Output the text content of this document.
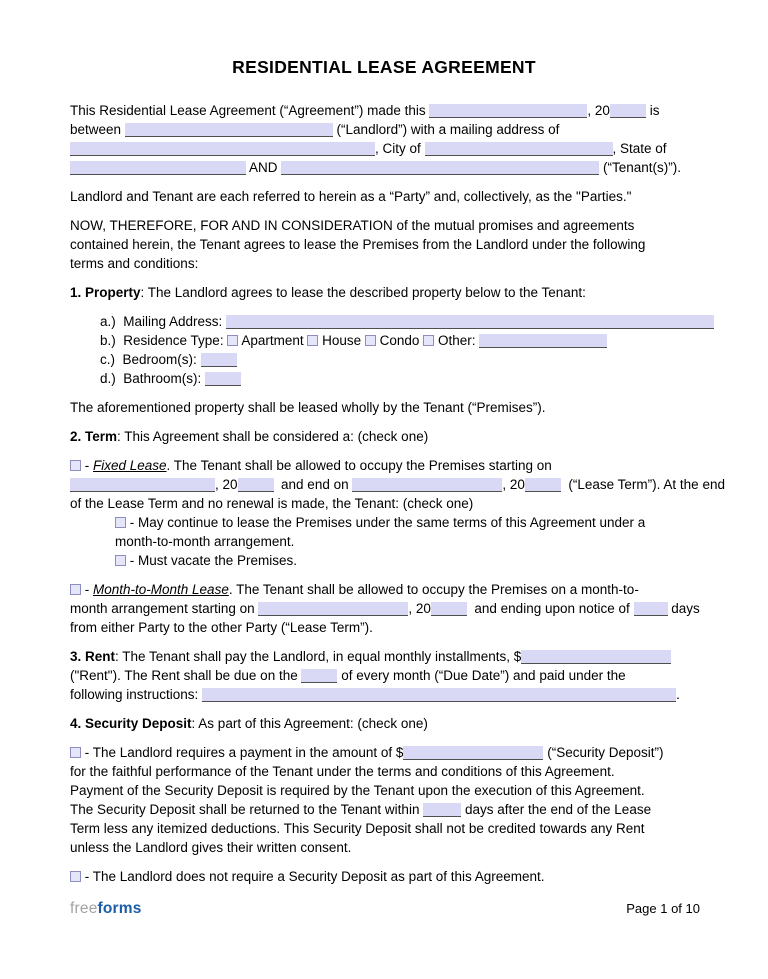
RESIDENTIAL LEASE AGREEMENT
This Residential Lease Agreement (“Agreement”) made this	, 20	is
between	(“Landlord”) with a mailing address of
, City of	, State of
AND	(“Tenant(s)”).
Landlord and Tenant are each referred to herein as a “Party” and, collectively, as the "Parties."
NOW, THEREFORE, FOR AND IN CONSIDERATION of the mutual promises and agreements
contained herein, the Tenant agrees to lease the Premises from the Landlord under the following
terms and conditions:
1. Property: The Landlord agrees to lease the described property below to the Tenant:
a.)  Mailing Address:
b.)  Residence Type:  Apartment  House  Condo  Other:
c.)  Bedroom(s):
d.)  Bathroom(s):
The aforementioned property shall be leased wholly by the Tenant (“Premises”).
2. Term: This Agreement shall be considered a: (check one)
- Fixed Lease. The Tenant shall be allowed to occupy the Premises starting on
, 20	and end on	, 20	(“Lease Term”). At the end
of the Lease Term and no renewal is made, the Tenant: (check one)
- May continue to lease the Premises under the same terms of this Agreement under a
month-to-month arrangement.
- Must vacate the Premises.
- Month-to-Month Lease. The Tenant shall be allowed to occupy the Premises on a month-to-
month arrangement starting on	, 20	and ending upon notice of	days
from either Party to the other Party (“Lease Term”).
3. Rent: The Tenant shall pay the Landlord, in equal monthly installments, $
("Rent"). The Rent shall be due on the	of every month (“Due Date”) and paid under the
following instructions:	.
4. Security Deposit: As part of this Agreement: (check one)
- The Landlord requires a payment in the amount of $	(“Security Deposit”)
for the faithful performance of the Tenant under the terms and conditions of this Agreement.
Payment of the Security Deposit is required by the Tenant upon the execution of this Agreement.
The Security Deposit shall be returned to the Tenant within	days after the end of the Lease
Term less any itemized deductions. This Security Deposit shall not be credited towards any Rent
unless the Landlord gives their written consent.
- The Landlord does not require a Security Deposit as part of this Agreement.
freeforms	Page 1 of 10
